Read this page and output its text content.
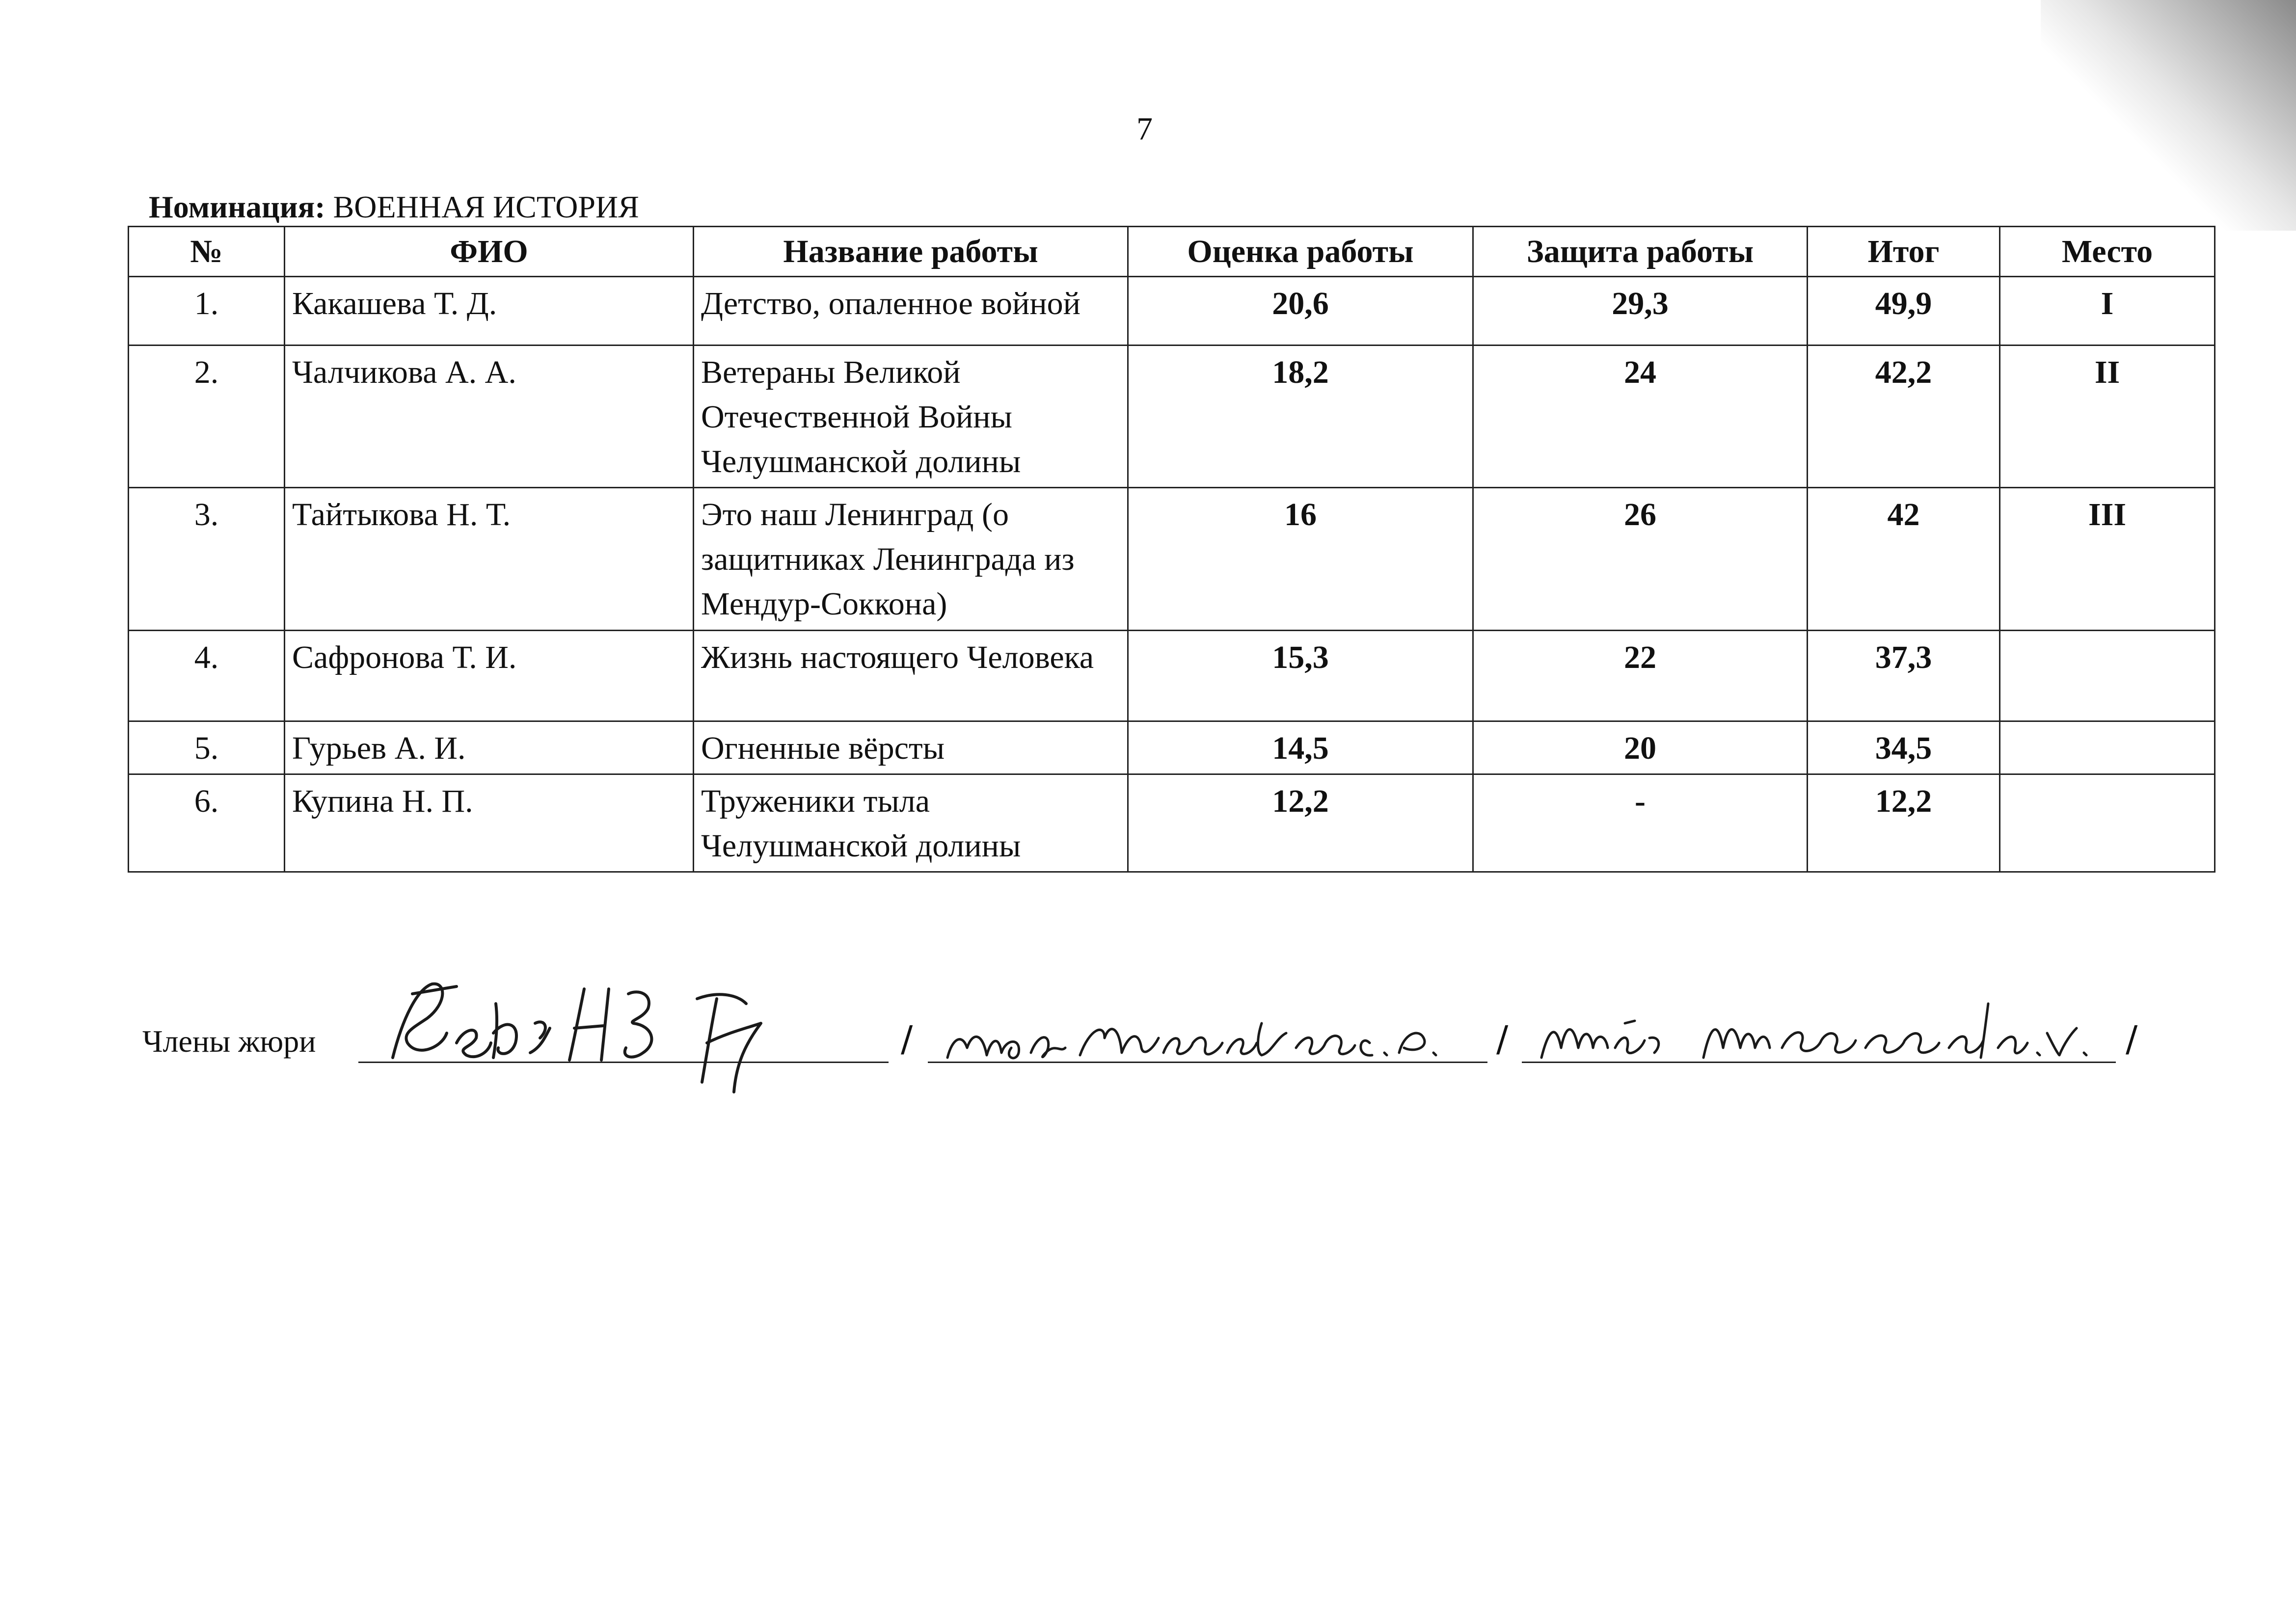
7
Номинация: ВОЕННАЯ ИСТОРИЯ
№	ФИО	Название работы	Оценка работы	Защита работы	Итог	Место
1.	Какашева Т. Д.	Детство, опаленное войной	20,6	29,3	49,9	I
2.	Чалчикова А. А.	Ветераны Великой Отечественной Войны Челушманской долины	18,2	24	42,2	II
3.	Тайтыкова Н. Т.	Это наш Ленинград (о защитниках Ленинграда из Мендур-Соккона)	16	26	42	III
4.	Сафронова Т. И.	Жизнь настоящего Человека	15,3	22	37,3	
5.	Гурьев А. И.	Огненные вёрсты	14,5	20	34,5	
6.	Купина Н. П.	Труженики тыла Челушманской долины	12,2	-	12,2	
Члены жюри	/	/	/
